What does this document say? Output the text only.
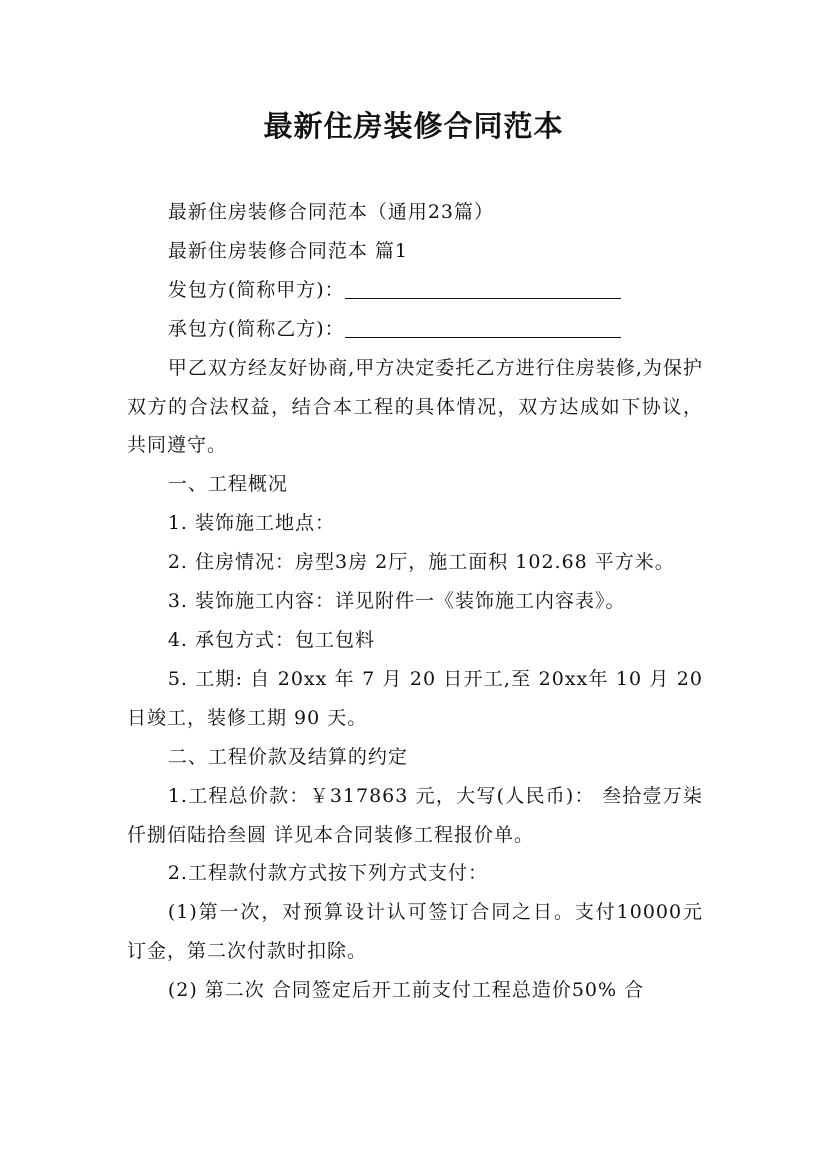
最新住房装修合同范本

最新住房装修合同范本（通用23篇）

最新住房装修合同范本 篇1

发包方(简称甲方)：

承包方(简称乙方)：

甲乙双方经友好协商,甲方决定委托乙方进行住房装修,为保护双方的合法权益，结合本工程的具体情况，双方达成如下协议，共同遵守。

一、工程概况

1. 装饰施工地点：

2. 住房情况：房型3房 2厅，施工面积 102.68 平方米。

3. 装饰施工内容：详见附件一《装饰施工内容表》。

4. 承包方式：包工包料

5. 工期: 自 20xx 年 7 月 20 日开工,至 20xx年 10 月 20 日竣工，装修工期 90 天。

二、工程价款及结算的约定

1.工程总价款：￥317863 元，大写(人民币)： 叁拾壹万柒仟捌佰陆拾叁圆 详见本合同装修工程报价单。

2.工程款付款方式按下列方式支付：

(1)第一次，对预算设计认可签订合同之日。支付10000元订金，第二次付款时扣除。

(2) 第二次 合同签定后开工前支付工程总造价50% 合
